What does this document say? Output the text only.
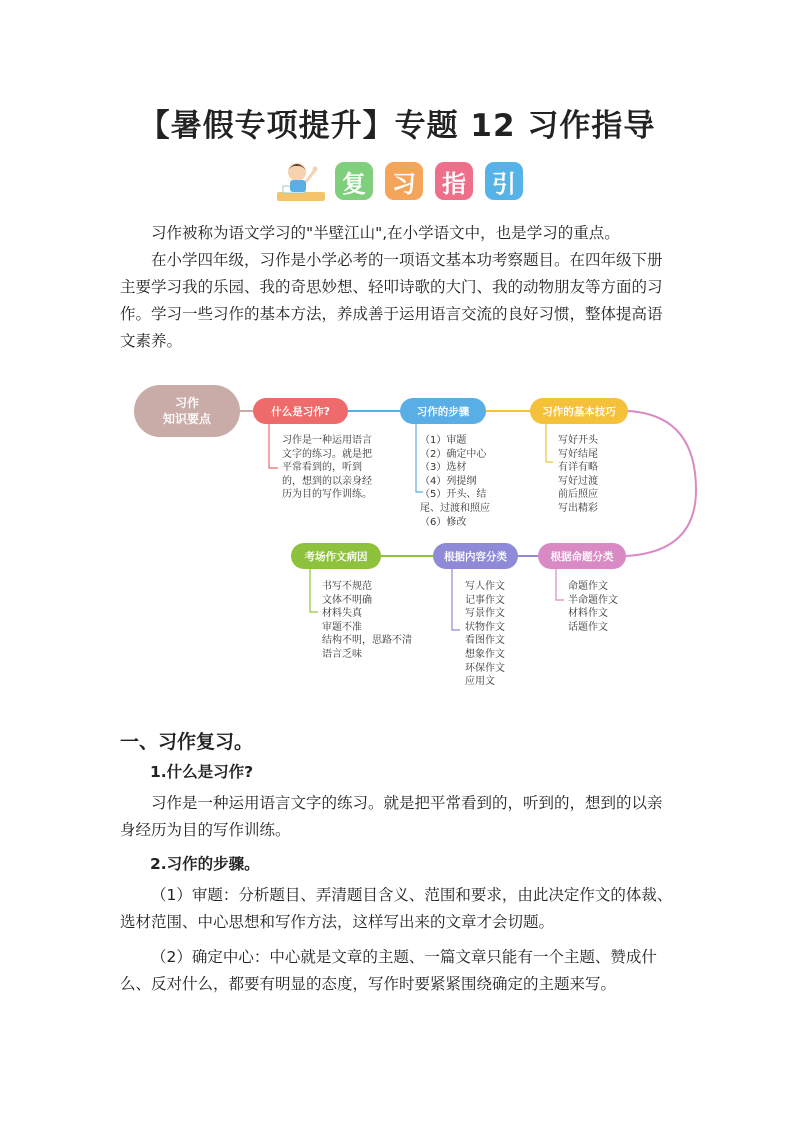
【暑假专项提升】专题 12 习作指导
复 习 指 引

习作被称为语文学习的"半壁江山",在小学语文中，也是学习的重点。

在小学四年级，习作是小学必考的一项语文基本功考察题目。在四年级下册

主要学习我的乐园、我的奇思妙想、轻叩诗歌的大门、我的动物朋友等方面的习
作。学习一些习作的基本方法，养成善于运用语言交流的良好习惯，整体提高语
文素养。
习作
知识要点
什么是习作?	习作的步骤	习作的基本技巧
根据命题分类
根据内容分类
考场作文病因
习作是一种运用语言
文字的练习。就是把
平常看到的，听到
的，想到的以亲身经
历为目的写作训练。
（1）审题
（2）确定中心
（3）选材
（4）列提纲
（5）开头、结
尾、过渡和照应
（6）修改
写好开头
写好结尾
有详有略
写好过渡
前后照应
写出精彩
命题作文
半命题作文
材料作文
话题作文
写人作文
记事作文
写景作文
状物作文
看图作文
想象作文
环保作文
应用文
书写不规范
文体不明确
材料失真
审题不准
结构不明，思路不清
语言乏味
一、习作复习。
1.什么是习作?

习作是一种运用语言文字的练习。就是把平常看到的，听到的，想到的以亲

身经历为目的写作训练。
2.习作的步骤。

（1）审题：分析题目、弄清题目含义、范围和要求，由此决定作文的体裁、

选材范围、中心思想和写作方法，这样写出来的文章才会切题。

（2）确定中心：中心就是文章的主题、一篇文章只能有一个主题、赞成什

么、反对什么，都要有明显的态度，写作时要紧紧围绕确定的主题来写。
